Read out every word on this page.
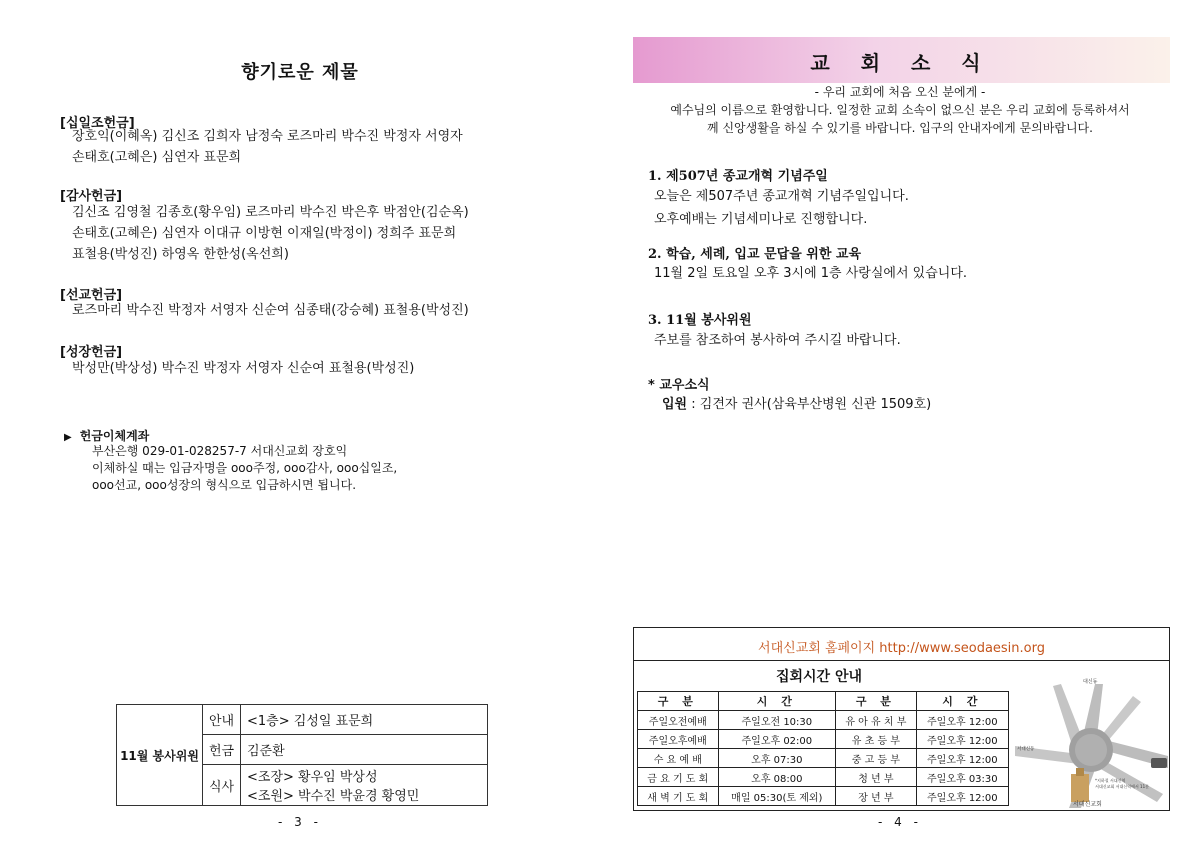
향기로운 제물
[십일조헌금]
장호익(이혜옥) 김신조 김희자 남정숙 로즈마리 박수진 박정자 서영자
손태호(고혜은) 심연자 표문희
[감사헌금]
김신조 김영철 김종호(황우임) 로즈마리 박수진 박은후 박점안(김순옥)
손태호(고혜은) 심연자 이대규 이방현 이재일(박정이) 정희주 표문희
표철용(박성진) 하영옥 한한성(옥선희)
[선교헌금]
로즈마리 박수진 박정자 서영자 신순여 심종태(강승혜) 표철용(박성진)
[성장헌금]
박성만(박상성) 박수진 박정자 서영자 신순여 표철용(박성진)
▶ 헌금이체계좌
부산은행 029-01-028257-7 서대신교회 장호익
이체하실 때는 입금자명을 ooo주정, ooo감사, ooo십일조,
ooo선교, ooo성장의 형식으로 입금하시면 됩니다.
11월 봉사위원	안내	<1층> 김성일 표문희
	헌금	김준환
	식사	<조장> 황우임 박상성
<조원> 박수진 박윤경 황영민
- 3 -
교 회 소 식
- 우리 교회에 처음 오신 분에게 -
예수님의 이름으로 환영합니다. 일정한 교회 소속이 없으신 분은 우리 교회에 등록하셔서
께 신앙생활을 하실 수 있기를 바랍니다. 입구의 안내자에게 문의바랍니다.
1. 제507년 종교개혁 기념주일
오늘은 제507주년 종교개혁 기념주일입니다.
오후예배는 기념세미나로 진행합니다.
2. 학습, 세례, 입교 문답을 위한 교육
11월 2일 토요일 오후 3시에 1층 사랑실에서 있습니다.
3. 11월 봉사위원
주보를 참조하여 봉사하여 주시길 바랍니다.
* 교우소식
입원 : 김견자 권사(삼육부산병원 신관 1509호)
서대신교회 홈페이지 http://www.seodaesin.org
집회시간 안내
구 분	시 간	구 분	시 간
주일오전예배	주일오전 10:30	유 아 유 치 부	주일오후 12:00
주일오후예배	주일오후 02:00	유 초 등 부	주일오후 12:00
수 요 예 배	오후 07:30	중 고 등 부	주일오후 12:00
금 요 기 도 회	오후 08:00	청 년 부	주일오후 03:30
새 벽 기 도 회	매일 05:30(토 제외)	장 년 부	주일오후 12:00
대신동
서대신동
서대신교회
*지하철 서대신역
서대신교회 서대신역에서 11분
- 4 -
